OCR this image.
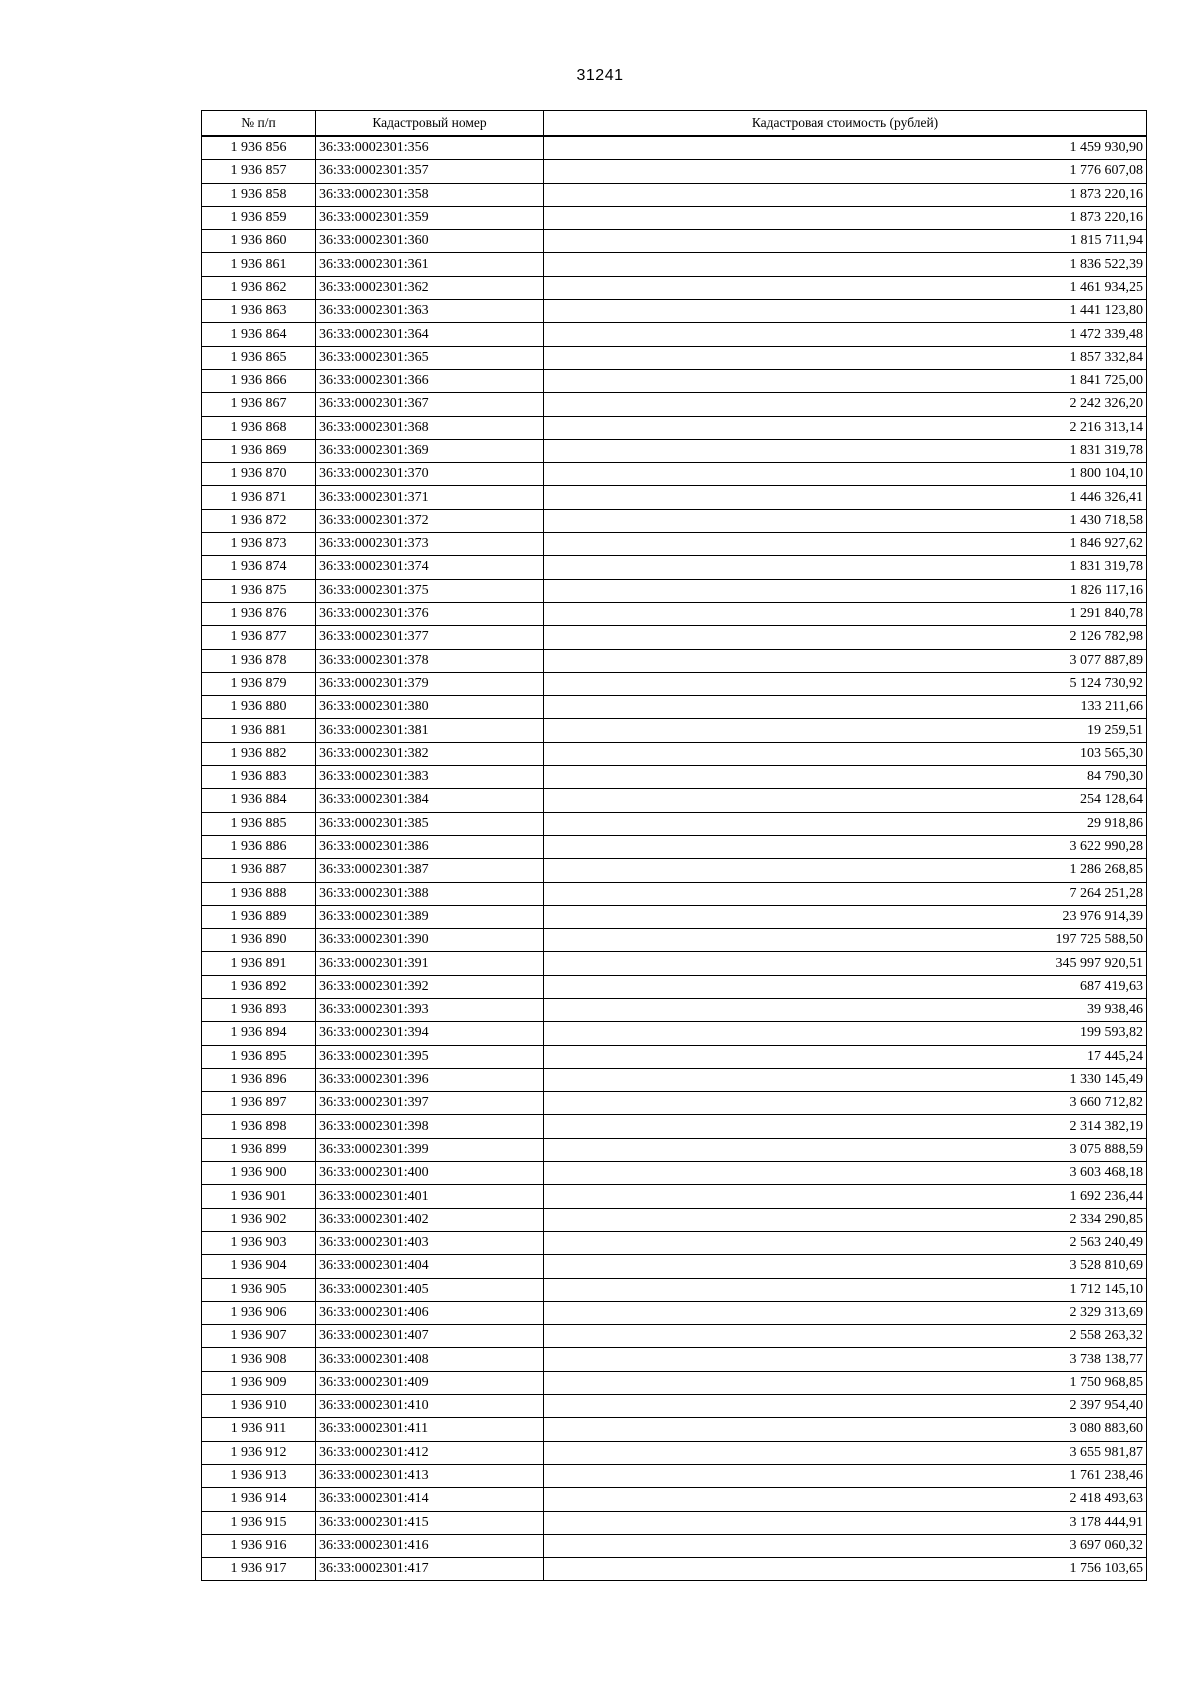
31241
№ п/п	Кадастровый номер	Кадастровая стоимость (рублей)
1 936 856	36:33:0002301:356	1 459 930,90
1 936 857	36:33:0002301:357	1 776 607,08
1 936 858	36:33:0002301:358	1 873 220,16
1 936 859	36:33:0002301:359	1 873 220,16
1 936 860	36:33:0002301:360	1 815 711,94
1 936 861	36:33:0002301:361	1 836 522,39
1 936 862	36:33:0002301:362	1 461 934,25
1 936 863	36:33:0002301:363	1 441 123,80
1 936 864	36:33:0002301:364	1 472 339,48
1 936 865	36:33:0002301:365	1 857 332,84
1 936 866	36:33:0002301:366	1 841 725,00
1 936 867	36:33:0002301:367	2 242 326,20
1 936 868	36:33:0002301:368	2 216 313,14
1 936 869	36:33:0002301:369	1 831 319,78
1 936 870	36:33:0002301:370	1 800 104,10
1 936 871	36:33:0002301:371	1 446 326,41
1 936 872	36:33:0002301:372	1 430 718,58
1 936 873	36:33:0002301:373	1 846 927,62
1 936 874	36:33:0002301:374	1 831 319,78
1 936 875	36:33:0002301:375	1 826 117,16
1 936 876	36:33:0002301:376	1 291 840,78
1 936 877	36:33:0002301:377	2 126 782,98
1 936 878	36:33:0002301:378	3 077 887,89
1 936 879	36:33:0002301:379	5 124 730,92
1 936 880	36:33:0002301:380	133 211,66
1 936 881	36:33:0002301:381	19 259,51
1 936 882	36:33:0002301:382	103 565,30
1 936 883	36:33:0002301:383	84 790,30
1 936 884	36:33:0002301:384	254 128,64
1 936 885	36:33:0002301:385	29 918,86
1 936 886	36:33:0002301:386	3 622 990,28
1 936 887	36:33:0002301:387	1 286 268,85
1 936 888	36:33:0002301:388	7 264 251,28
1 936 889	36:33:0002301:389	23 976 914,39
1 936 890	36:33:0002301:390	197 725 588,50
1 936 891	36:33:0002301:391	345 997 920,51
1 936 892	36:33:0002301:392	687 419,63
1 936 893	36:33:0002301:393	39 938,46
1 936 894	36:33:0002301:394	199 593,82
1 936 895	36:33:0002301:395	17 445,24
1 936 896	36:33:0002301:396	1 330 145,49
1 936 897	36:33:0002301:397	3 660 712,82
1 936 898	36:33:0002301:398	2 314 382,19
1 936 899	36:33:0002301:399	3 075 888,59
1 936 900	36:33:0002301:400	3 603 468,18
1 936 901	36:33:0002301:401	1 692 236,44
1 936 902	36:33:0002301:402	2 334 290,85
1 936 903	36:33:0002301:403	2 563 240,49
1 936 904	36:33:0002301:404	3 528 810,69
1 936 905	36:33:0002301:405	1 712 145,10
1 936 906	36:33:0002301:406	2 329 313,69
1 936 907	36:33:0002301:407	2 558 263,32
1 936 908	36:33:0002301:408	3 738 138,77
1 936 909	36:33:0002301:409	1 750 968,85
1 936 910	36:33:0002301:410	2 397 954,40
1 936 911	36:33:0002301:411	3 080 883,60
1 936 912	36:33:0002301:412	3 655 981,87
1 936 913	36:33:0002301:413	1 761 238,46
1 936 914	36:33:0002301:414	2 418 493,63
1 936 915	36:33:0002301:415	3 178 444,91
1 936 916	36:33:0002301:416	3 697 060,32
1 936 917	36:33:0002301:417	1 756 103,65
